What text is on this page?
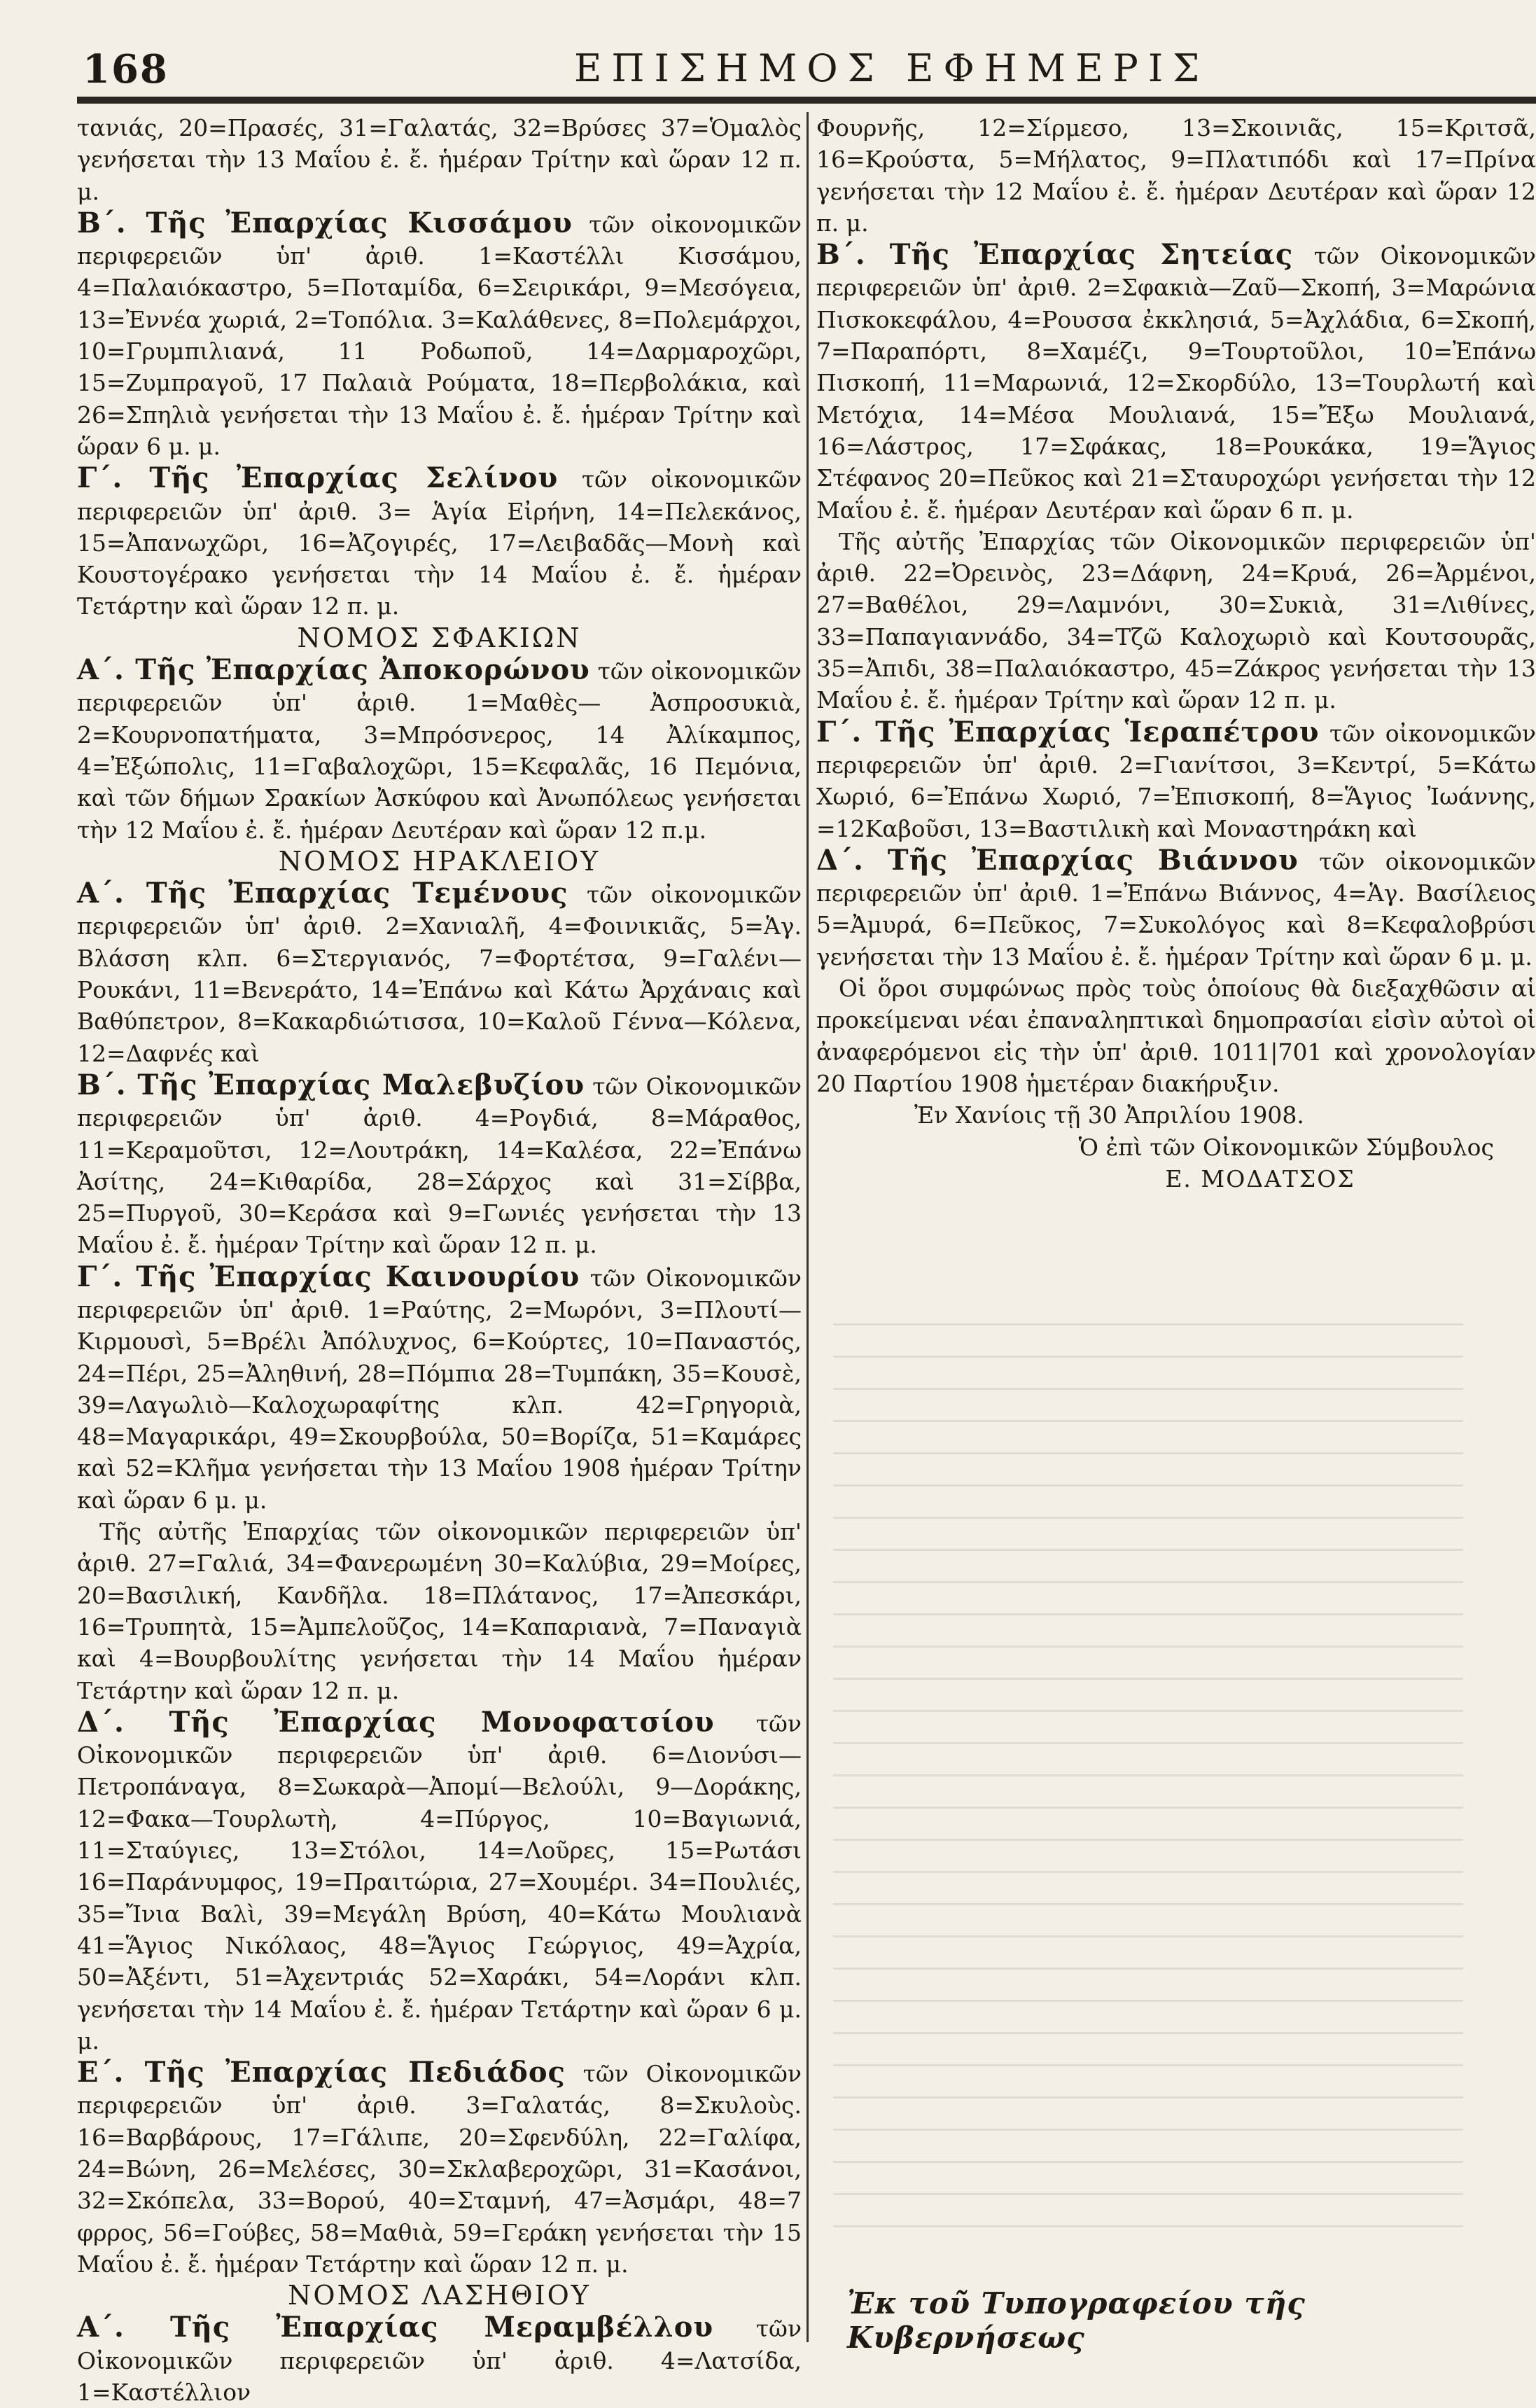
168	ΕΠΙΣΗΜΟΣ ΕΦΗΜΕΡΙΣ

τανιάς, 20=Πρασές, 31=Γαλατάς, 32=Βρύσες 37=Ὁμαλὸς γενήσεται τὴν 13 Μαΐου ἐ. ἔ. ἡμέραν Τρίτην καὶ ὥραν 12 π. μ.

Β΄. Τῆς Ἐπαρχίας Κισσάμου τῶν οἰκονομικῶν περιφερειῶν ὑπ' ἀριθ. 1=Καστέλλι Κισσάμου, 4=Παλαιόκαστρο, 5=Ποταμίδα, 6=Σειρικάρι, 9=Μεσόγεια, 13=Ἐννέα χωριά, 2=Τοπόλια. 3=Καλάθενες, 8=Πολεμάρχοι, 10=Γρυμπιλιανά, 11 Ροδωποῦ, 14=Δαρμαροχῶρι, 15=Ζυμπραγοῦ, 17 Παλαιὰ Ρούματα, 18=Περβολάκια, καὶ 26=Σπηλιὰ γενήσεται τὴν 13 Μαΐου ἐ. ἔ. ἡμέραν Τρίτην καὶ ὥραν 6 μ. μ.

Γ΄. Τῆς Ἐπαρχίας Σελίνου τῶν οἰκονομικῶν περιφερειῶν ὑπ' ἀριθ. 3= Ἁγία Εἰρήνη, 14=Πελεκάνος, 15=Ἀπανωχῶρι, 16=Ἀζογιρές, 17=Λειβαδᾶς—Μονὴ καὶ Κουστογέρακο γενήσεται τὴν 14 Μαΐου ἐ. ἔ. ἡμέραν Τετάρτην καὶ ὥραν 12 π. μ.

ΝΟΜΟΣ ΣΦΑΚΙΩΝ

Α΄. Τῆς Ἐπαρχίας Ἀποκορώνου τῶν οἰκονομικῶν περιφερειῶν ὑπ' ἀριθ. 1=Μαθὲς— Ἀσπροσυκιὰ, 2=Κουρνοπατήματα, 3=Μπρόσνερος, 14 Ἀλίκαμπος, 4=Ἐξώπολις, 11=Γαβαλοχῶρι, 15=Κεφαλᾶς, 16 Πεμόνια, καὶ τῶν δήμων Σρακίων Ἀσκύφου καὶ Ἀνωπόλεως γενήσεται τὴν 12 Μαΐου ἐ. ἔ. ἡμέραν Δευτέραν καὶ ὥραν 12 π.μ.

ΝΟΜΟΣ ΗΡΑΚΛΕΙΟΥ

Α΄. Τῆς Ἐπαρχίας Τεμένους τῶν οἰκονομικῶν περιφερειῶν ὑπ' ἀριθ. 2=Χανιαλῆ, 4=Φοινικιᾶς, 5=Ἁγ. Βλάσση κλπ. 6=Στεργιανός, 7=Φορτέτσα, 9=Γαλένι—Ρουκάνι, 11=Βενεράτο, 14=Ἐπάνω καὶ Κάτω Ἀρχάναις καὶ Βαθύπετρον, 8=Κακαρδιώτισσα, 10=Καλοῦ Γέννα—Κόλενα, 12=Δαφνές καὶ

Β΄. Τῆς Ἐπαρχίας Μαλεβυζίου τῶν Οἰκονομικῶν περιφερειῶν ὑπ' ἀριθ. 4=Ρογδιά, 8=Μάραθος, 11=Κεραμοῦτσι, 12=Λουτράκη, 14=Καλέσα, 22=Ἐπάνω Ἀσίτης, 24=Κιθαρίδα, 28=Σάρχος καὶ 31=Σίββα, 25=Πυργοῦ, 30=Κεράσα καὶ 9=Γωνιές γενήσεται τὴν 13 Μαΐου ἐ. ἔ. ἡμέραν Τρίτην καὶ ὥραν 12 π. μ.

Γ΄. Τῆς Ἐπαρχίας Καινουρίου τῶν Οἰκονομικῶν περιφερειῶν ὑπ' ἀριθ. 1=Ραύτης, 2=Μωρόνι, 3=Πλουτί—Κιρμουσὶ, 5=Βρέλι Ἀπόλυχνος, 6=Κούρτες, 10=Παναστός, 24=Πέρι, 25=Ἀληθινή, 28=Πόμπια 28=Τυμπάκη, 35=Κουσὲ, 39=Λαγωλιὸ—Καλοχωραφίτης κλπ. 42=Γρηγοριὰ, 48=Μαγαρικάρι, 49=Σκουρβούλα, 50=Βορίζα, 51=Καμάρες καὶ 52=Κλῆμα γενήσεται τὴν 13 Μαΐου 1908 ἡμέραν Τρίτην καὶ ὥραν 6 μ. μ.

Τῆς αὐτῆς Ἐπαρχίας τῶν οἰκονομικῶν περιφερειῶν ὑπ' ἀριθ. 27=Γαλιά, 34=Φανερωμένη 30=Καλύβια, 29=Μοίρες, 20=Βασιλική, Κανδῆλα. 18=Πλάτανος, 17=Ἀπεσκάρι, 16=Τρυπητὰ, 15=Ἀμπελοῦζος, 14=Καπαριανὰ, 7=Παναγιὰ καὶ 4=Βουρβουλίτης γενήσεται τὴν 14 Μαΐου ἡμέραν Τετάρτην καὶ ὥραν 12 π. μ.

Δ΄. Τῆς Ἐπαρχίας Μονοφατσίου τῶν Οἰκονομικῶν περιφερειῶν ὑπ' ἀριθ. 6=Διονύσι—Πετροπάναγα, 8=Σωκαρὰ—Ἀπομί—Βελούλι, 9—Δοράκης, 12=Φακα—Τουρλωτὴ, 4=Πύργος, 10=Βαγιωνιά, 11=Σταύγιες, 13=Στόλοι, 14=Λοῦρες, 15=Ρωτάσι 16=Παράνυμφος, 19=Πραιτώρια, 27=Χουμέρι. 34=Πουλιές, 35=Ἴνια Βαλὶ, 39=Μεγάλη Βρύση, 40=Κάτω Μουλιανὰ 41=Ἅγιος Νικόλαος, 48=Ἅγιος Γεώργιος, 49=Ἀχρία, 50=Ἀξέντι, 51=Ἀχεντριάς 52=Χαράκι, 54=Λοράνι κλπ. γενήσεται τὴν 14 Μαΐου ἐ. ἔ. ἡμέραν Τετάρτην καὶ ὥραν 6 μ. μ.

Ε΄. Τῆς Ἐπαρχίας Πεδιάδος τῶν Οἰκονομικῶν περιφερειῶν ὑπ' ἀριθ. 3=Γαλατάς, 8=Σκυλοὺς. 16=Βαρβάρους, 17=Γάλιπε, 20=Σφενδύλη, 22=Γαλίφα, 24=Βώνη, 26=Μελέσες, 30=Σκλαβεροχῶρι, 31=Κασάνοι, 32=Σκόπελα, 33=Βορού, 40=Σταμνή, 47=Ἀσμάρι, 48=7 φρρος, 56=Γούβες, 58=Μαθιὰ, 59=Γεράκη γενήσεται τὴν 15 Μαΐου ἐ. ἔ. ἡμέραν Τετάρτην καὶ ὥραν 12 π. μ.

ΝΟΜΟΣ ΛΑΣΗΘΙΟΥ

Α΄. Τῆς Ἐπαρχίας Μεραμβέλλου τῶν Οἰκονομικῶν περιφερειῶν ὑπ' ἀριθ. 4=Λατσίδα, 1=Καστέλλιον

Φουρνῆς, 12=Σίρμεσο, 13=Σκοινιᾶς, 15=Κριτσᾶ, 16=Κρούστα, 5=Μήλατος, 9=Πλατιπόδι καὶ 17=Πρίνα γενήσεται τὴν 12 Μαΐου ἐ. ἔ. ἡμέραν Δευτέραν καὶ ὥραν 12 π. μ.

Β΄. Τῆς Ἐπαρχίας Σητείας τῶν Οἰκονομικῶν περιφερειῶν ὑπ' ἀριθ. 2=Σφακιὰ—Ζαῦ—Σκοπή, 3=Μαρώνια Πισκοκεφάλου, 4=Ρουσσα ἐκκλησιά, 5=Ἀχλάδια, 6=Σκοπή, 7=Παραπόρτι, 8=Χαμέζι, 9=Τουρτοῦλοι, 10=Ἐπάνω Πισκοπή, 11=Μαρωνιά, 12=Σκορδύλο, 13=Τουρλωτή καὶ Μετόχια, 14=Μέσα Μουλιανά, 15=Ἔξω Μουλιανά, 16=Λάστρος, 17=Σφάκας, 18=Ρουκάκα, 19=Ἅγιος Στέφανος 20=Πεῦκος καὶ 21=Σταυροχώρι γενήσεται τὴν 12 Μαΐου ἐ. ἔ. ἡμέραν Δευτέραν καὶ ὥραν 6 π. μ.

Τῆς αὐτῆς Ἐπαρχίας τῶν Οἰκονομικῶν περιφερειῶν ὑπ' ἀριθ. 22=Ὀρεινὸς, 23=Δάφνη, 24=Κρυά, 26=Ἀρμένοι, 27=Βαθέλοι, 29=Λαμνόνι, 30=Συκιὰ, 31=Λιθίνες, 33=Παπαγιαννάδο, 34=Τζῶ Καλοχωριὸ καὶ Κουτσουρᾶς, 35=Ἀπιδι, 38=Παλαιόκαστρο, 45=Ζάκρος γενήσεται τὴν 13 Μαΐου ἐ. ἔ. ἡμέραν Τρίτην καὶ ὥραν 12 π. μ.

Γ΄. Τῆς Ἐπαρχίας Ἱεραπέτρου τῶν οἰκονομικῶν περιφερειῶν ὑπ' ἀριθ. 2=Γιανίτσοι, 3=Κεντρί, 5=Κάτω Χωριό, 6=Ἐπάνω Χωριό, 7=Ἐπισκοπή, 8=Ἅγιος Ἰωάννης, =12Καβοῦσι, 13=Βαστιλικὴ καὶ Μοναστηράκη καὶ

Δ΄. Τῆς Ἐπαρχίας Βιάννου τῶν οἰκονομικῶν περιφερειῶν ὑπ' ἀριθ. 1=Ἐπάνω Βιάννος, 4=Ἁγ. Βασίλειος 5=Ἀμυρά, 6=Πεῦκος, 7=Συκολόγος καὶ 8=Κεφαλοβρύσι γενήσεται τὴν 13 Μαΐου ἐ. ἔ. ἡμέραν Τρίτην καὶ ὥραν 6 μ. μ.

Οἱ ὅροι συμφώνως πρὸς τοὺς ὁποίους θὰ διεξαχθῶσιν αἱ προκείμεναι νέαι ἐπαναληπτικαὶ δημοπρασίαι εἰσὶν αὐτοὶ οἱ ἀναφερόμενοι εἰς τὴν ὑπ' ἀριθ. 1011|701 καὶ χρονολογίαν 20 Παρτίου 1908 ἡμετέραν διακήρυξιν.

Ἐν Χανίοις τῇ 30 Ἀπριλίου 1908.

Ὁ ἐπὶ τῶν Οἰκονομικῶν Σύμβουλος

Ε. ΜΟΔΑΤΣΟΣ

Ἐκ τοῦ Τυπογραφείου τῆς Κυβερνήσεως
